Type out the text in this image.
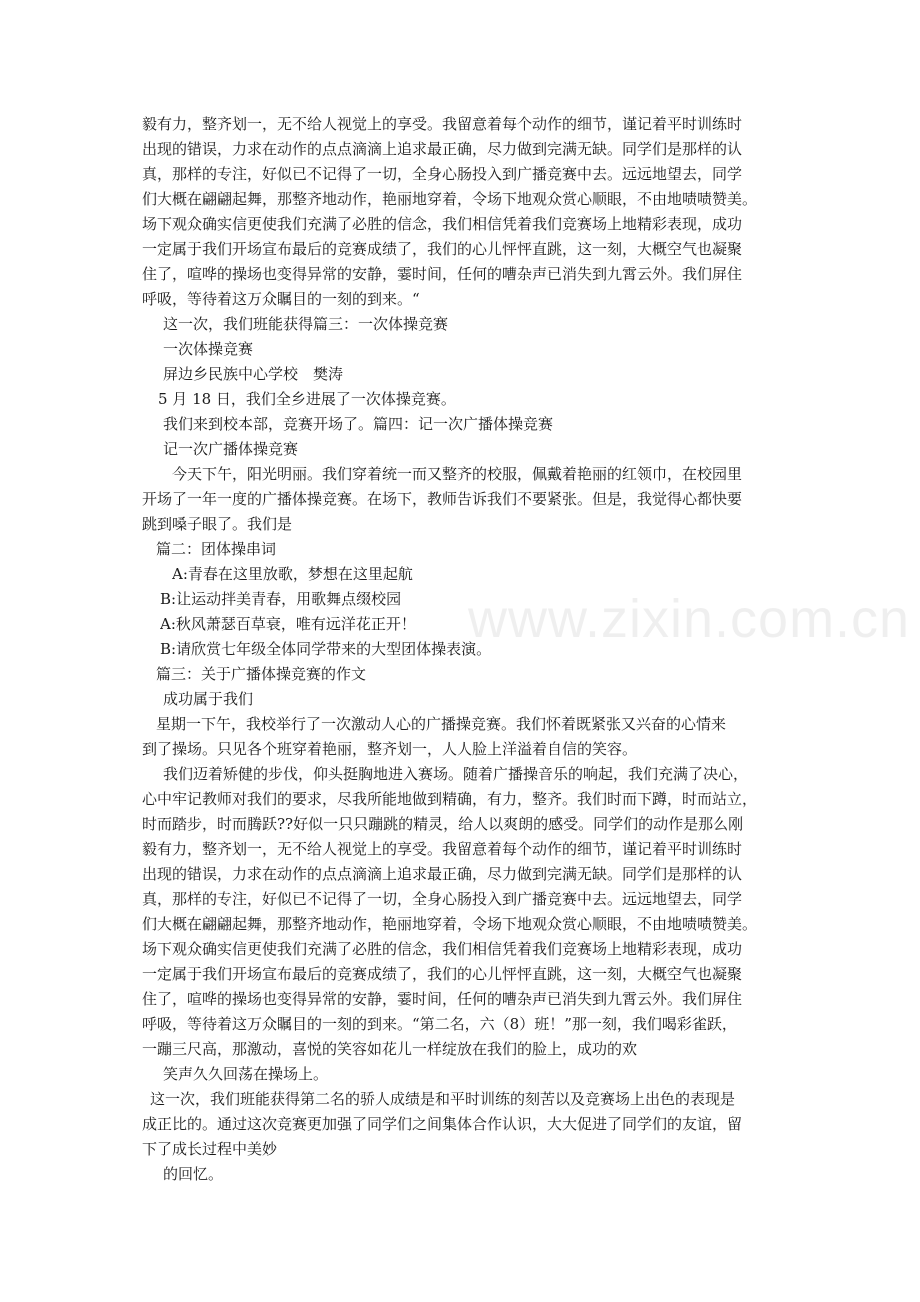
www.zixin.com.cn
毅有力，整齐划一，无不给人视觉上的享受。我留意着每个动作的细节，谨记着平时训练时
出现的错误，力求在动作的点点滴滴上追求最正确，尽力做到完满无缺。同学们是那样的认
真，那样的专注，好似已不记得了一切，全身心肠投入到广播竞赛中去。远远地望去，同学
们大概在翩翩起舞，那整齐地动作，艳丽地穿着，令场下地观众赏心顺眼，不由地啧啧赞美。
场下观众确实信更使我们充满了必胜的信念，我们相信凭着我们竞赛场上地精彩表现，成功
一定属于我们开场宣布最后的竞赛成绩了，我们的心儿怦怦直跳，这一刻，大概空气也凝聚
住了，喧哗的操场也变得异常的安静，霎时间，任何的嘈杂声已消失到九霄云外。我们屏住
呼吸，等待着这万众瞩目的一刻的到来。“
这一次，我们班能获得篇三：一次体操竞赛
一次体操竞赛
屏边乡民族中心学校　樊涛
5 月 18 日，我们全乡进展了一次体操竞赛。
我们来到校本部，竞赛开场了。篇四：记一次广播体操竞赛
记一次广播体操竞赛
今天下午，阳光明丽。我们穿着统一而又整齐的校服，佩戴着艳丽的红领巾，在校园里
开场了一年一度的广播体操竞赛。在场下，教师告诉我们不要紧张。但是，我觉得心都快要
跳到嗓子眼了。我们是
篇二：团体操串词
A:青春在这里放歌，梦想在这里起航
B:让运动拌美青春，用歌舞点缀校园
A:秋风萧瑟百草衰，唯有远洋花正开！
B:请欣赏七年级全体同学带来的大型团体操表演。
篇三：关于广播体操竞赛的作文
成功属于我们
星期一下午，我校举行了一次激动人心的广播操竞赛。我们怀着既紧张又兴奋的心情来
到了操场。只见各个班穿着艳丽，整齐划一，人人脸上洋溢着自信的笑容。
我们迈着矫健的步伐，仰头挺胸地进入赛场。随着广播操音乐的响起，我们充满了决心，
心中牢记教师对我们的要求，尽我所能地做到精确，有力，整齐。我们时而下蹲，时而站立，
时而踏步，时而腾跃??好似一只只蹦跳的精灵，给人以爽朗的感受。同学们的动作是那么刚
毅有力，整齐划一，无不给人视觉上的享受。我留意着每个动作的细节，谨记着平时训练时
出现的错误，力求在动作的点点滴滴上追求最正确，尽力做到完满无缺。同学们是那样的认
真，那样的专注，好似已不记得了一切，全身心肠投入到广播竞赛中去。远远地望去，同学
们大概在翩翩起舞，那整齐地动作，艳丽地穿着，令场下地观众赏心顺眼，不由地啧啧赞美。
场下观众确实信更使我们充满了必胜的信念，我们相信凭着我们竞赛场上地精彩表现，成功
一定属于我们开场宣布最后的竞赛成绩了，我们的心儿怦怦直跳，这一刻，大概空气也凝聚
住了，喧哗的操场也变得异常的安静，霎时间，任何的嘈杂声已消失到九霄云外。我们屏住
呼吸，等待着这万众瞩目的一刻的到来。“第二名，六（8）班！”那一刻，我们喝彩雀跃，
一蹦三尺高，那激动，喜悦的笑容如花儿一样绽放在我们的脸上，成功的欢
笑声久久回荡在操场上。
这一次，我们班能获得第二名的骄人成绩是和平时训练的刻苦以及竞赛场上出色的表现是
成正比的。通过这次竞赛更加强了同学们之间集体合作认识，大大促进了同学们的友谊，留
下了成长过程中美妙
的回忆。
